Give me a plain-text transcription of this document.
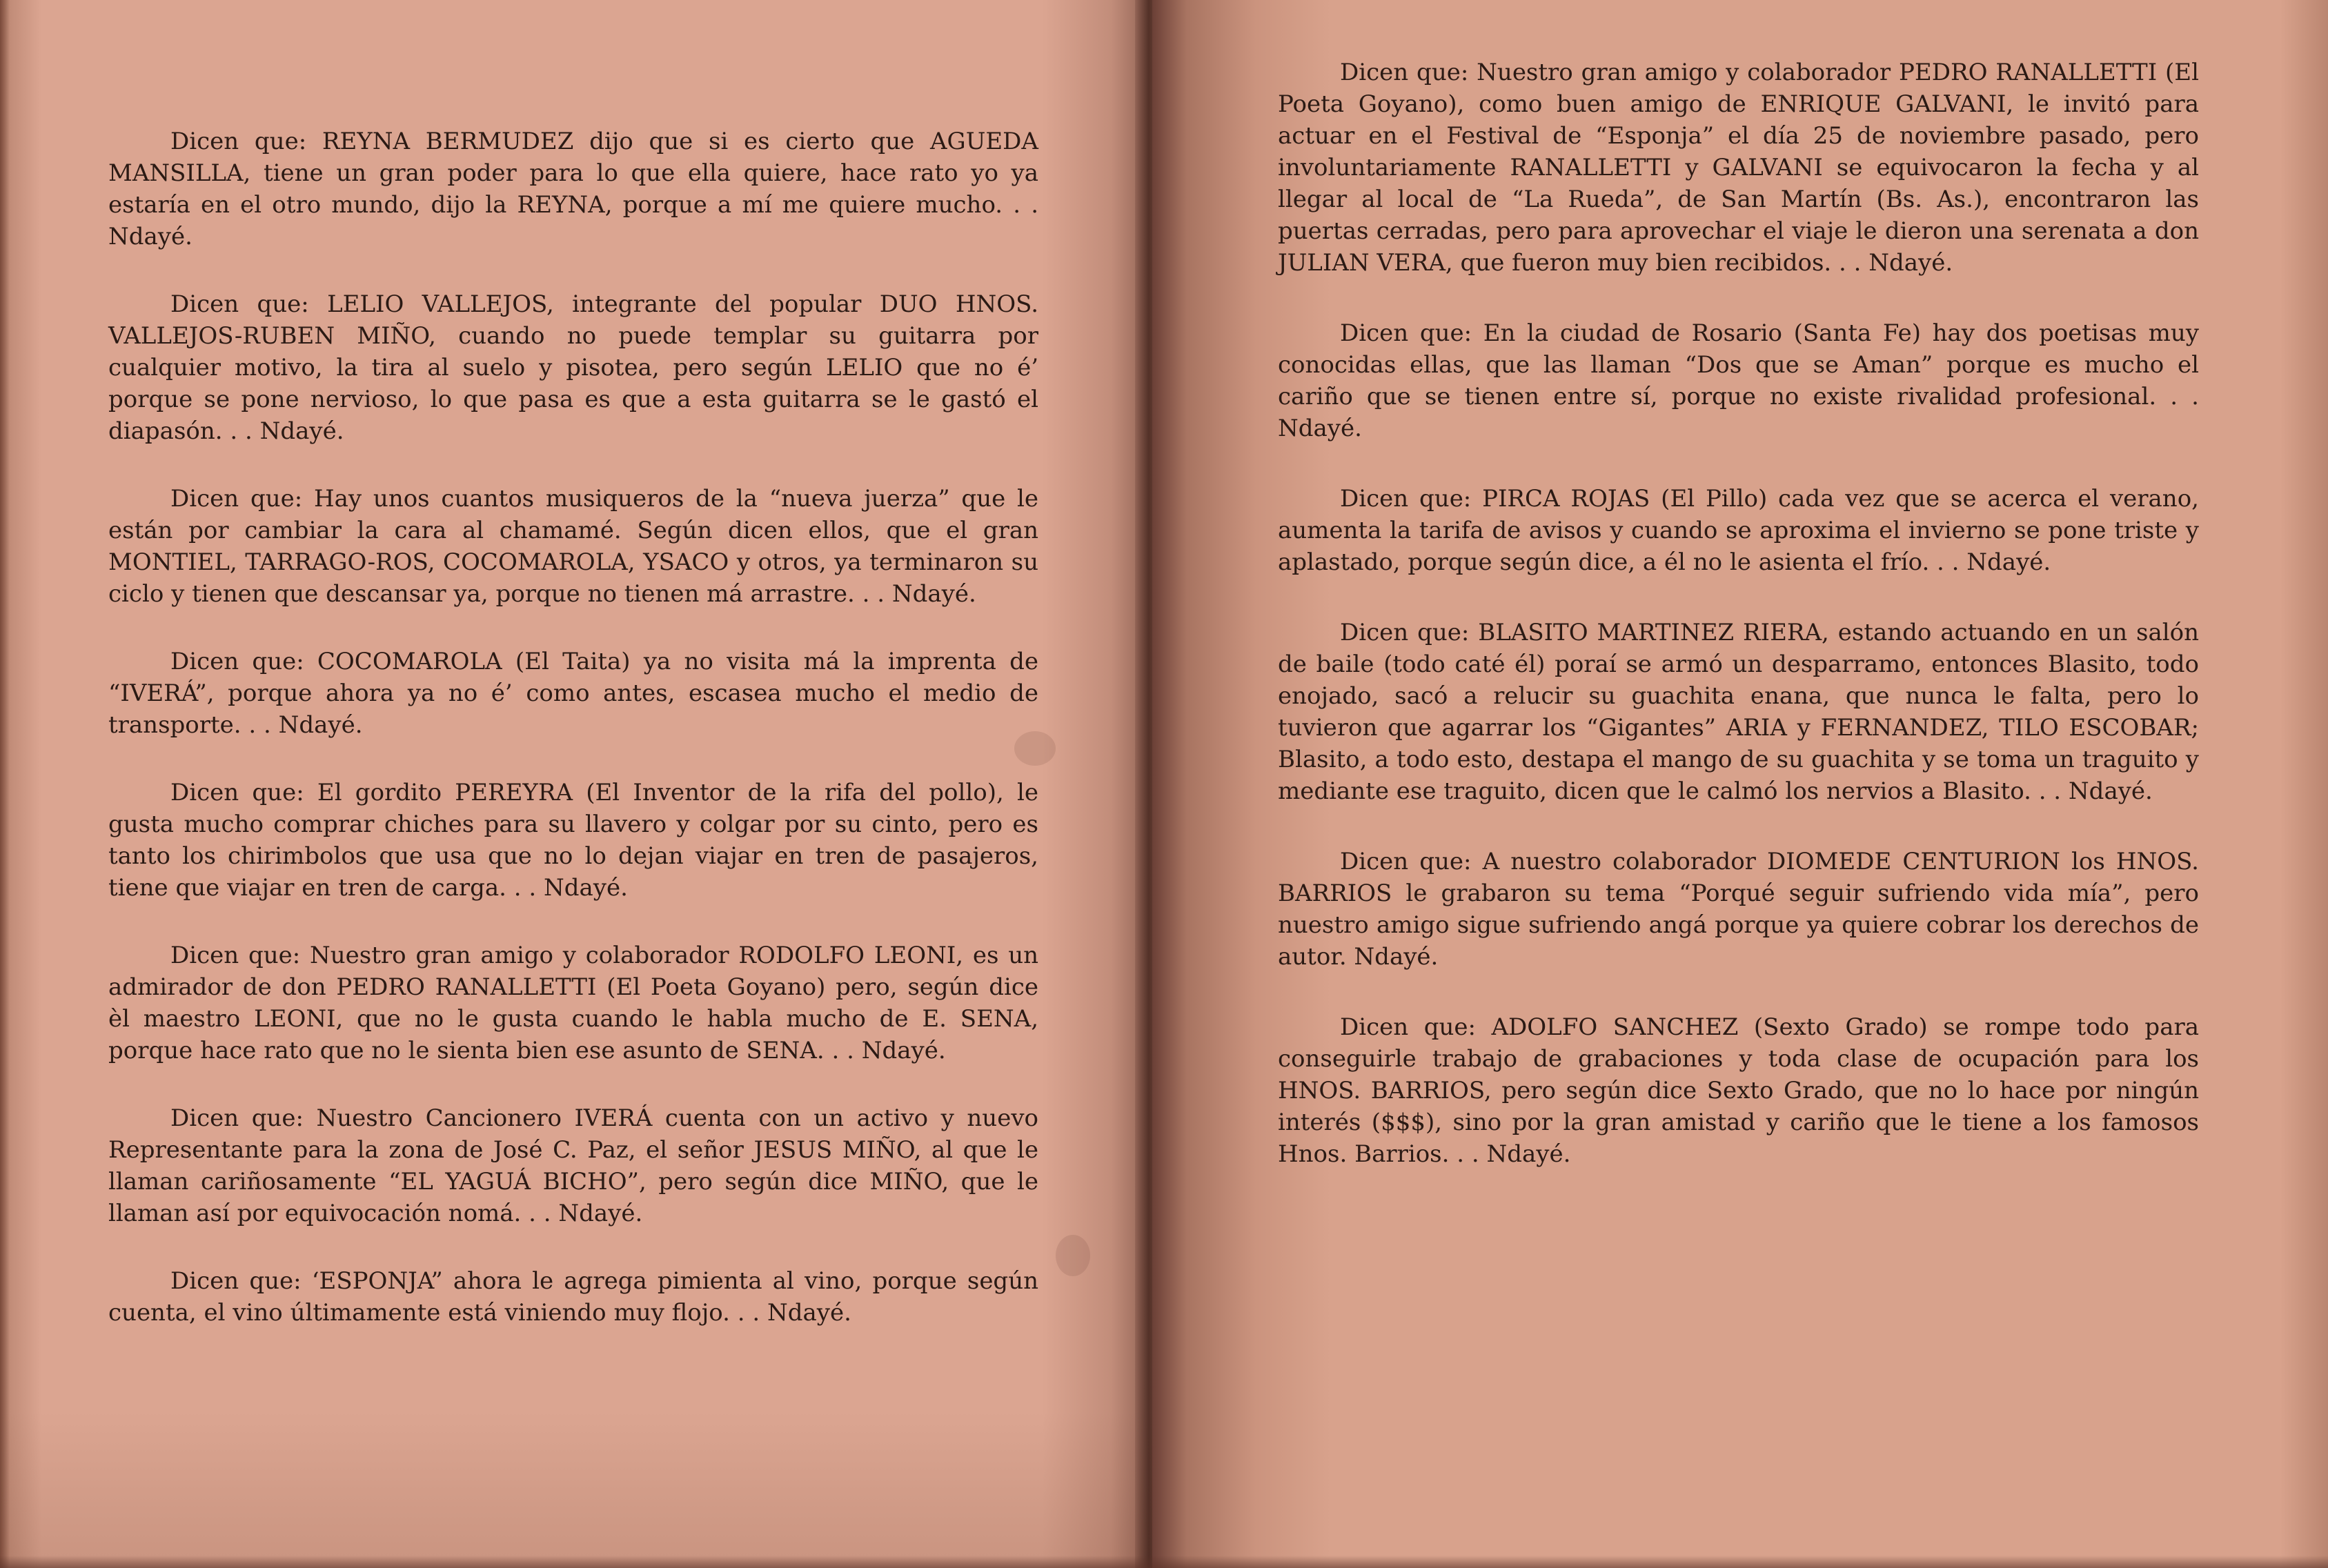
Dicen que: REYNA BERMUDEZ dijo que si es cierto que AGUEDA MANSILLA, tiene un gran poder para lo que ella quiere, hace rato yo ya estaría en el otro mundo, dijo la REYNA, porque a mí me quiere mucho. . . Ndayé.

Dicen que: LELIO VALLEJOS, integrante del popular DUO HNOS. VALLEJOS-RUBEN MIÑO, cuando no puede templar su guitarra por cualquier motivo, la tira al suelo y pisotea, pero según LELIO que no é’ porque se pone nervioso, lo que pasa es que a esta guitarra se le gastó el diapasón. . . Ndayé.

Dicen que: Hay unos cuantos musiqueros de la “nueva juerza” que le están por cambiar la cara al chamamé. Según dicen ellos, que el gran MONTIEL, TARRAGO-ROS, COCOMAROLA, YSACO y otros, ya terminaron su ciclo y tienen que descansar ya, porque no tienen má arrastre. . . Ndayé.

Dicen que: COCOMAROLA (El Taita) ya no visita má la imprenta de “IVERÁ”, porque ahora ya no é’ como antes, escasea mucho el medio de transporte. . . Ndayé.

Dicen que: El gordito PEREYRA (El Inventor de la rifa del pollo), le gusta mucho comprar chiches para su llavero y colgar por su cinto, pero es tanto los chirimbolos que usa que no lo dejan viajar en tren de pasajeros, tiene que viajar en tren de carga. . . Ndayé.

Dicen que: Nuestro gran amigo y colaborador RODOLFO LEONI, es un admirador de don PEDRO RANALLETTI (El Poeta Goyano) pero, según dice èl maestro LEONI, que no le gusta cuando le habla mucho de E. SENA, porque hace rato que no le sienta bien ese asunto de SENA. . . Ndayé.

Dicen que: Nuestro Cancionero IVERÁ cuenta con un activo y nuevo Representante para la zona de José C. Paz, el señor JESUS MIÑO, al que le llaman cariñosamente “EL YAGUÁ BICHO”, pero según dice MIÑO, que le llaman así por equivocación nomá. . . Ndayé.

Dicen que: ‘ESPONJA” ahora le agrega pimienta al vino, porque según cuenta, el vino últimamente está viniendo muy flojo. . . Ndayé.

Dicen que: Nuestro gran amigo y colaborador PEDRO RANALLETTI (El Poeta Goyano), como buen amigo de ENRIQUE GALVANI, le invitó para actuar en el Festival de “Esponja” el día 25 de noviembre pasado, pero involuntariamente RANALLETTI y GALVANI se equivocaron la fecha y al llegar al local de “La Rueda”, de San Martín (Bs. As.), encontraron las puertas cerradas, pero para aprovechar el viaje le dieron una serenata a don JULIAN VERA, que fueron muy bien recibidos. . . Ndayé.

Dicen que: En la ciudad de Rosario (Santa Fe) hay dos poetisas muy conocidas ellas, que las llaman “Dos que se Aman” porque es mucho el cariño que se tienen entre sí, porque no existe rivalidad profesional. . . Ndayé.

Dicen que: PIRCA ROJAS (El Pillo) cada vez que se acerca el verano, aumenta la tarifa de avisos y cuando se aproxima el invierno se pone triste y aplastado, porque según dice, a él no le asienta el frío. . . Ndayé.

Dicen que: BLASITO MARTINEZ RIERA, estando actuando en un salón de baile (todo caté él) poraí se armó un desparramo, entonces Blasito, todo enojado, sacó a relucir su guachita enana, que nunca le falta, pero lo tuvieron que agarrar los “Gigantes” ARIA y FERNANDEZ, TILO ESCOBAR; Blasito, a todo esto, destapa el mango de su guachita y se toma un traguito y mediante ese traguito, dicen que le calmó los nervios a Blasito. . . Ndayé.

Dicen que: A nuestro colaborador DIOMEDE CENTURION los HNOS. BARRIOS le grabaron su tema “Porqué seguir sufriendo vida mía”, pero nuestro amigo sigue sufriendo angá porque ya quiere cobrar los derechos de autor. Ndayé.

Dicen que: ADOLFO SANCHEZ (Sexto Grado) se rompe todo para conseguirle trabajo de grabaciones y toda clase de ocupación para los HNOS. BARRIOS, pero según dice Sexto Grado, que no lo hace por ningún interés ($$$), sino por la gran amistad y cariño que le tiene a los famosos Hnos. Barrios. . . Ndayé.
